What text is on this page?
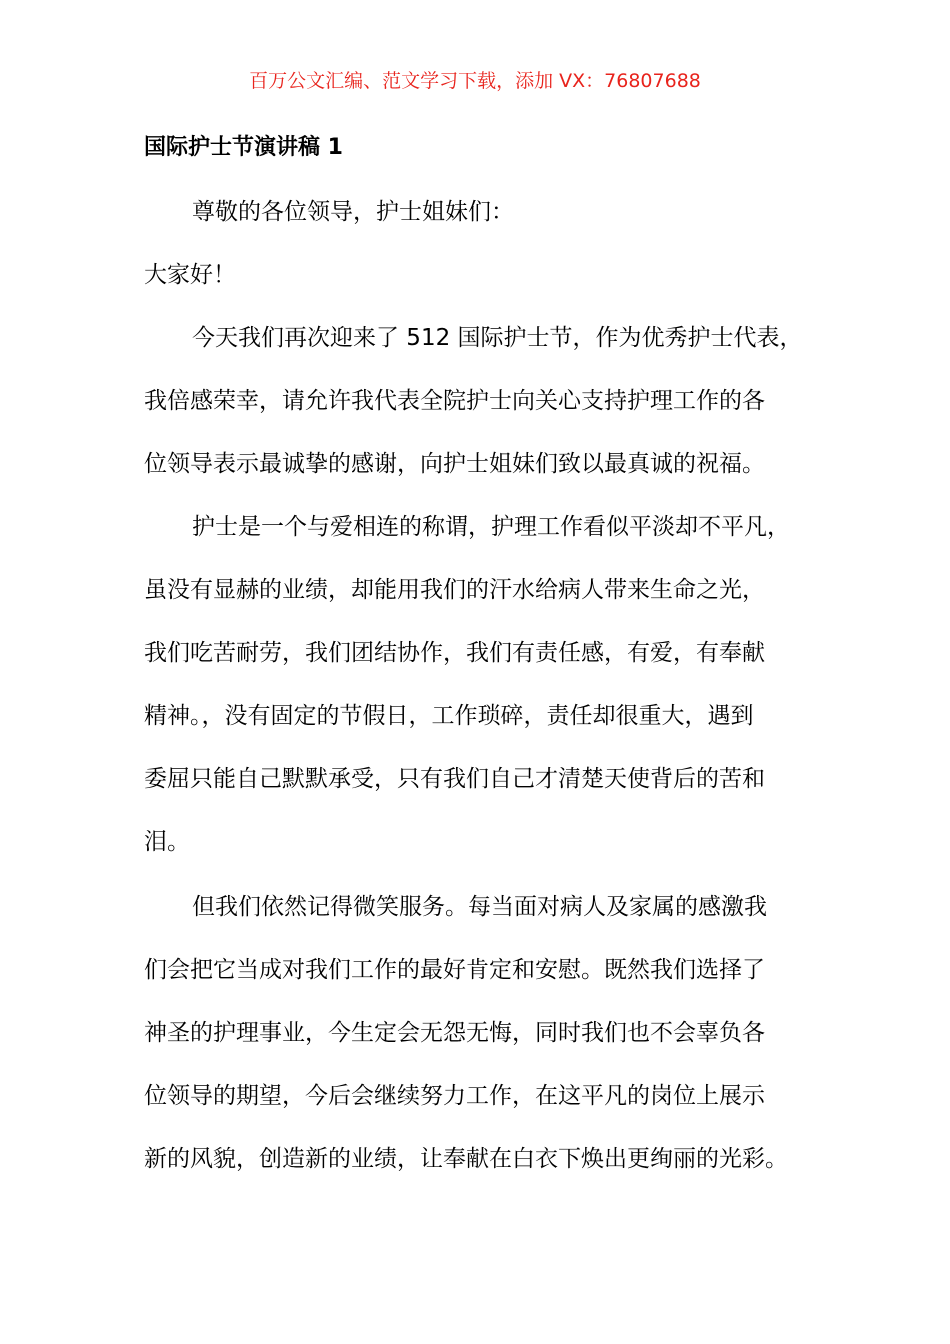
百万公文汇编、范文学习下载，添加 VX：76807688
国际护士节演讲稿 1
尊敬的各位领导，护士姐妹们：
大家好！
今天我们再次迎来了 512 国际护士节，作为优秀护士代表，
我倍感荣幸，请允许我代表全院护士向关心支持护理工作的各
位领导表示最诚挚的感谢，向护士姐妹们致以最真诚的祝福。
护士是一个与爱相连的称谓，护理工作看似平淡却不平凡，
虽没有显赫的业绩，却能用我们的汗水给病人带来生命之光，
我们吃苦耐劳，我们团结协作，我们有责任感，有爱，有奉献
精神。，没有固定的节假日，工作琐碎，责任却很重大，遇到
委屈只能自己默默承受，只有我们自己才清楚天使背后的苦和
泪。
但我们依然记得微笑服务。每当面对病人及家属的感激我
们会把它当成对我们工作的最好肯定和安慰。既然我们选择了
神圣的护理事业，今生定会无怨无悔，同时我们也不会辜负各
位领导的期望，今后会继续努力工作，在这平凡的岗位上展示
新的风貌，创造新的业绩，让奉献在白衣下焕出更绚丽的光彩。
